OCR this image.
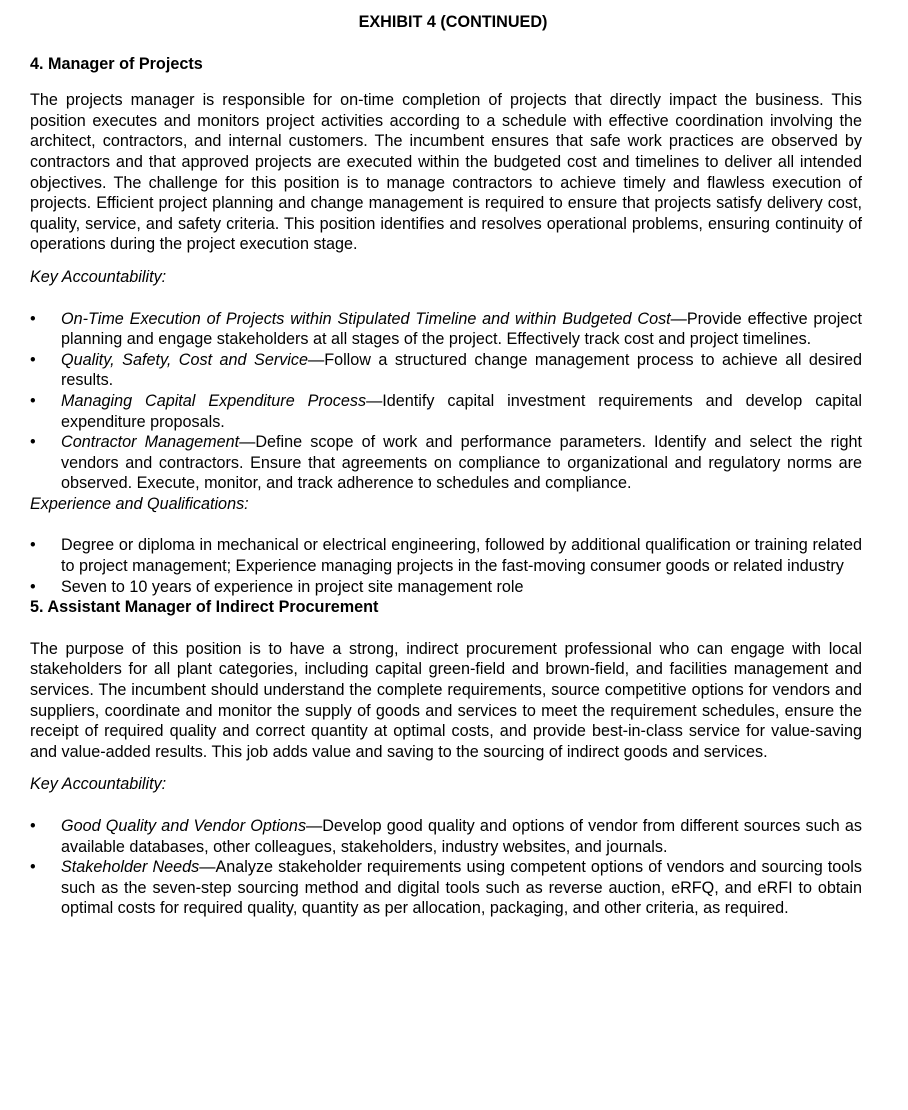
EXHIBIT 4 (CONTINUED)
4. Manager of Projects
The projects manager is responsible for on-time completion of projects that directly impact the business. This position executes and monitors project activities according to a schedule with effective coordination involving the architect, contractors, and internal customers. The incumbent ensures that safe work practices are observed by contractors and that approved projects are executed within the budgeted cost and timelines to deliver all intended objectives. The challenge for this position is to manage contractors to achieve timely and flawless execution of projects. Efficient project planning and change management is required to ensure that projects satisfy delivery cost, quality, service, and safety criteria. This position identifies and resolves operational problems, ensuring continuity of operations during the project execution stage.
Key Accountability:
•	On-Time Execution of Projects within Stipulated Timeline and within Budgeted Cost—Provide effective project planning and engage stakeholders at all stages of the project. Effectively track cost and project timelines.
•	Quality, Safety, Cost and Service—Follow a structured change management process to achieve all desired results.
•	Managing Capital Expenditure Process—Identify capital investment requirements and develop capital expenditure proposals.
•	Contractor Management—Define scope of work and performance parameters. Identify and select the right vendors and contractors. Ensure that agreements on compliance to organizational and regulatory norms are observed. Execute, monitor, and track adherence to schedules and compliance.
Experience and Qualifications:
•	Degree or diploma in mechanical or electrical engineering, followed by additional qualification or training related to project management; Experience managing projects in the fast-moving consumer goods or related industry
•	Seven to 10 years of experience in project site management role
5. Assistant Manager of Indirect Procurement
The purpose of this position is to have a strong, indirect procurement professional who can engage with local stakeholders for all plant categories, including capital green-field and brown-field, and facilities management and services. The incumbent should understand the complete requirements, source competitive options for vendors and suppliers, coordinate and monitor the supply of goods and services to meet the requirement schedules, ensure the receipt of required quality and correct quantity at optimal costs, and provide best-in-class service for value-saving and value-added results. This job adds value and saving to the sourcing of indirect goods and services.
Key Accountability:
•	Good Quality and Vendor Options—Develop good quality and options of vendor from different sources such as available databases, other colleagues, stakeholders, industry websites, and journals.
•	Stakeholder Needs—Analyze stakeholder requirements using competent options of vendors and sourcing tools such as the seven-step sourcing method and digital tools such as reverse auction, eRFQ, and eRFI to obtain optimal costs for required quality, quantity as per allocation, packaging, and other criteria, as required.
